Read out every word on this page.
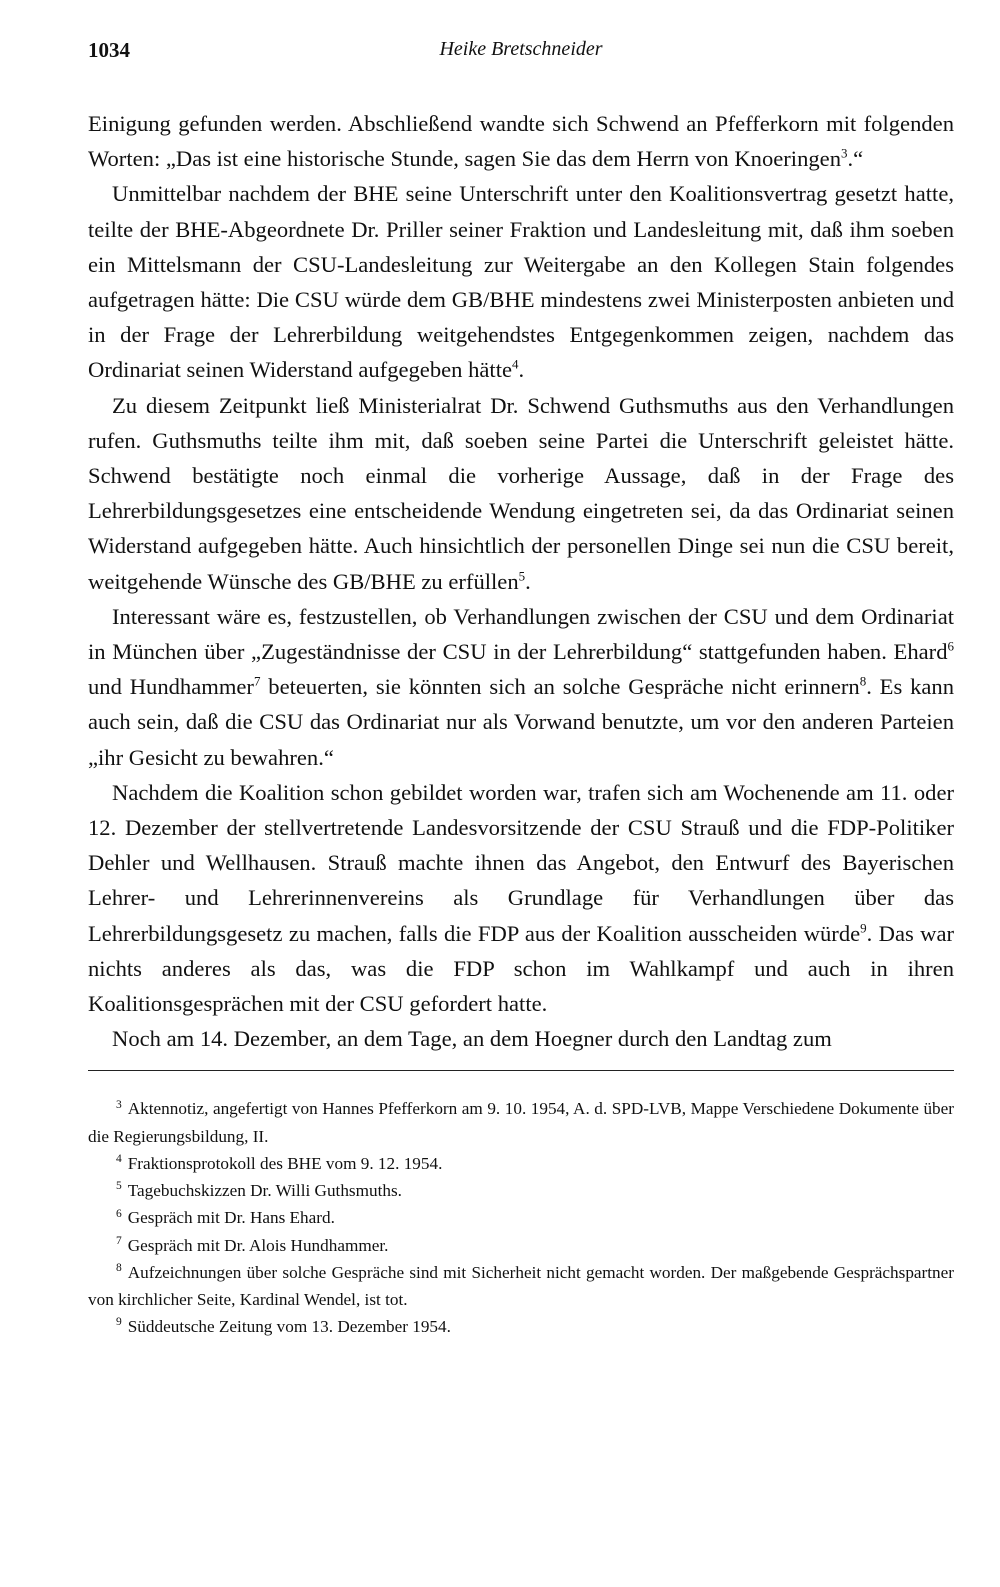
1034	Heike Bretschneider

Einigung gefunden werden. Abschließend wandte sich Schwend an Pfefferkorn mit folgenden Worten: „Das ist eine historische Stunde, sagen Sie das dem Herrn von Knoeringen$^3$.“

Unmittelbar nachdem der BHE seine Unterschrift unter den Koalitionsvertrag gesetzt hatte, teilte der BHE-Abgeordnete Dr. Priller seiner Fraktion und Landesleitung mit, daß ihm soeben ein Mittelsmann der CSU-Landesleitung zur Weitergabe an den Kollegen Stain folgendes aufgetragen hätte: Die CSU würde dem GB/BHE mindestens zwei Ministerposten anbieten und in der Frage der Lehrerbildung weitgehendstes Entgegenkommen zeigen, nachdem das Ordinariat seinen Widerstand aufgegeben hätte$^4$.

Zu diesem Zeitpunkt ließ Ministerialrat Dr. Schwend Guthsmuths aus den Verhandlungen rufen. Guthsmuths teilte ihm mit, daß soeben seine Partei die Unterschrift geleistet hätte. Schwend bestätigte noch einmal die vorherige Aussage, daß in der Frage des Lehrerbildungsgesetzes eine entscheidende Wendung eingetreten sei, da das Ordinariat seinen Widerstand aufgegeben hätte. Auch hinsichtlich der personellen Dinge sei nun die CSU bereit, weitgehende Wünsche des GB/BHE zu erfüllen$^5$.

Interessant wäre es, festzustellen, ob Verhandlungen zwischen der CSU und dem Ordinariat in München über „Zugeständnisse der CSU in der Lehrerbildung“ stattgefunden haben. Ehard$^6$ und Hundhammer$^7$ beteuerten, sie könnten sich an solche Gespräche nicht erinnern$^8$. Es kann auch sein, daß die CSU das Ordinariat nur als Vorwand benutzte, um vor den anderen Parteien „ihr Gesicht zu bewahren.“

Nachdem die Koalition schon gebildet worden war, trafen sich am Wochenende am 11. oder 12. Dezember der stellvertretende Landesvorsitzende der CSU Strauß und die FDP-Politiker Dehler und Wellhausen. Strauß machte ihnen das Angebot, den Entwurf des Bayerischen Lehrer- und Lehrerinnenvereins als Grundlage für Verhandlungen über das Lehrerbildungsgesetz zu machen, falls die FDP aus der Koalition ausscheiden würde$^9$. Das war nichts anderes als das, was die FDP schon im Wahlkampf und auch in ihren Koalitionsgesprächen mit der CSU gefordert hatte.

Noch am 14. Dezember, an dem Tage, an dem Hoegner durch den Landtag zum

$^3$ Aktennotiz, angefertigt von Hannes Pfefferkorn am 9. 10. 1954, A. d. SPD-LVB, Mappe Verschiedene Dokumente über die Regierungsbildung, II.

$^4$ Fraktionsprotokoll des BHE vom 9. 12. 1954.

$^5$ Tagebuchskizzen Dr. Willi Guthsmuths.

$^6$ Gespräch mit Dr. Hans Ehard.

$^7$ Gespräch mit Dr. Alois Hundhammer.

$^8$ Aufzeichnungen über solche Gespräche sind mit Sicherheit nicht gemacht worden. Der maßgebende Gesprächspartner von kirchlicher Seite, Kardinal Wendel, ist tot.

$^9$ Süddeutsche Zeitung vom 13. Dezember 1954.
